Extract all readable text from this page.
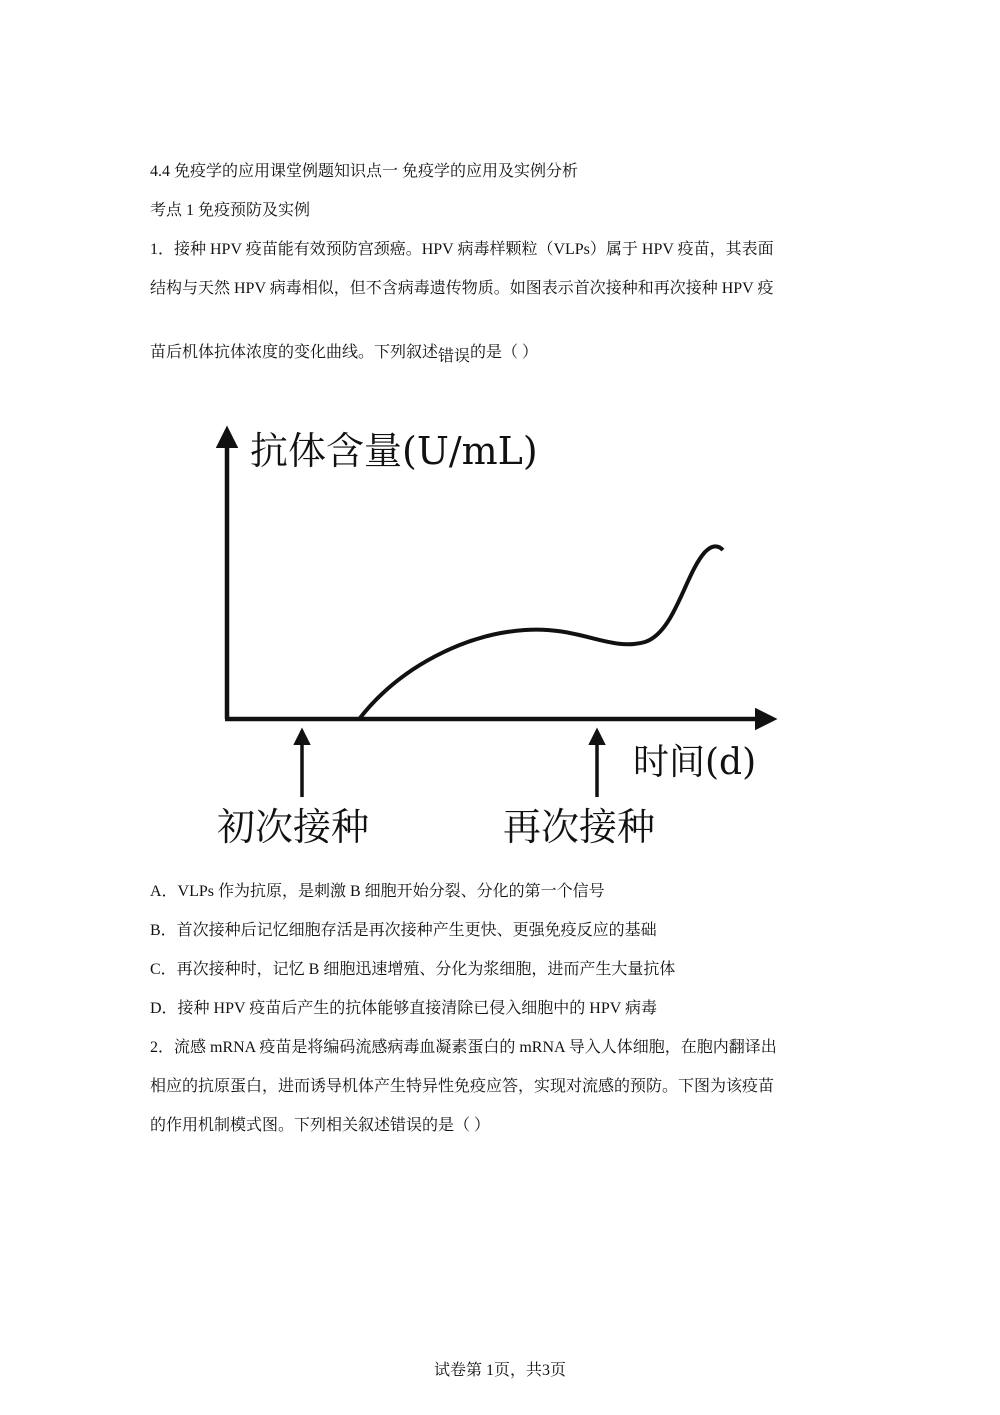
4.4 免疫学的应用课堂例题知识点一 免疫学的应用及实例分析
考点 1 免疫预防及实例
1．接种 HPV 疫苗能有效预防宫颈癌。HPV 病毒样颗粒（VLPs）属于 HPV 疫苗，其表面
结构与天然 HPV 病毒相似，但不含病毒遗传物质。如图表示首次接种和再次接种 HPV 疫
苗后机体抗体浓度的变化曲线。下列叙述错误的是（ ）
抗体含量(U/mL)
时间(d)
初次接种	再次接种
A．VLPs 作为抗原，是刺激 B 细胞开始分裂、分化的第一个信号
B．首次接种后记忆细胞存活是再次接种产生更快、更强免疫反应的基础
C．再次接种时，记忆 B 细胞迅速增殖、分化为浆细胞，进而产生大量抗体
D．接种 HPV 疫苗后产生的抗体能够直接清除已侵入细胞中的 HPV 病毒
2．流感 mRNA 疫苗是将编码流感病毒血凝素蛋白的 mRNA 导入人体细胞，在胞内翻译出
相应的抗原蛋白，进而诱导机体产生特异性免疫应答，实现对流感的预防。下图为该疫苗
的作用机制模式图。下列相关叙述错误的是（ ）
试卷第 1页，共3页
